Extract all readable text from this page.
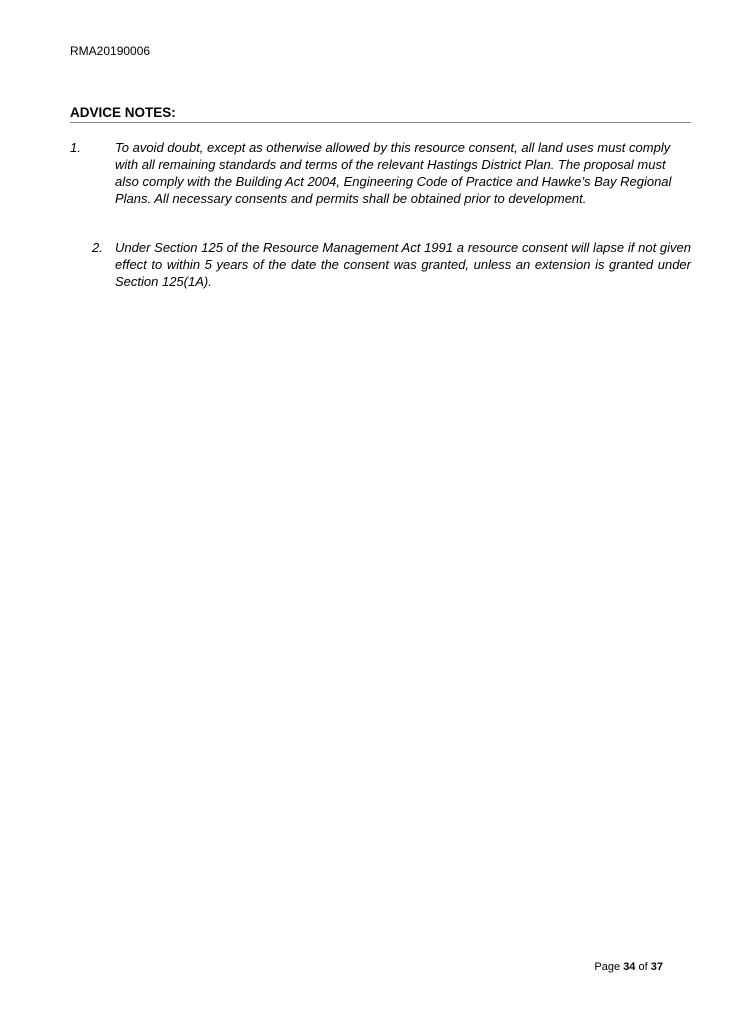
RMA20190006
ADVICE NOTES:
1.	To avoid doubt, except as otherwise allowed by this resource consent, all land uses must comply with all remaining standards and terms of the relevant Hastings District Plan. The proposal must also comply with the Building Act 2004, Engineering Code of Practice and Hawke’s Bay Regional Plans. All necessary consents and permits shall be obtained prior to development.
2. Under Section 125 of the Resource Management Act 1991 a resource consent will lapse if not given effect to within 5 years of the date the consent was granted, unless an extension is granted under Section 125(1A).
Page 34 of 37
